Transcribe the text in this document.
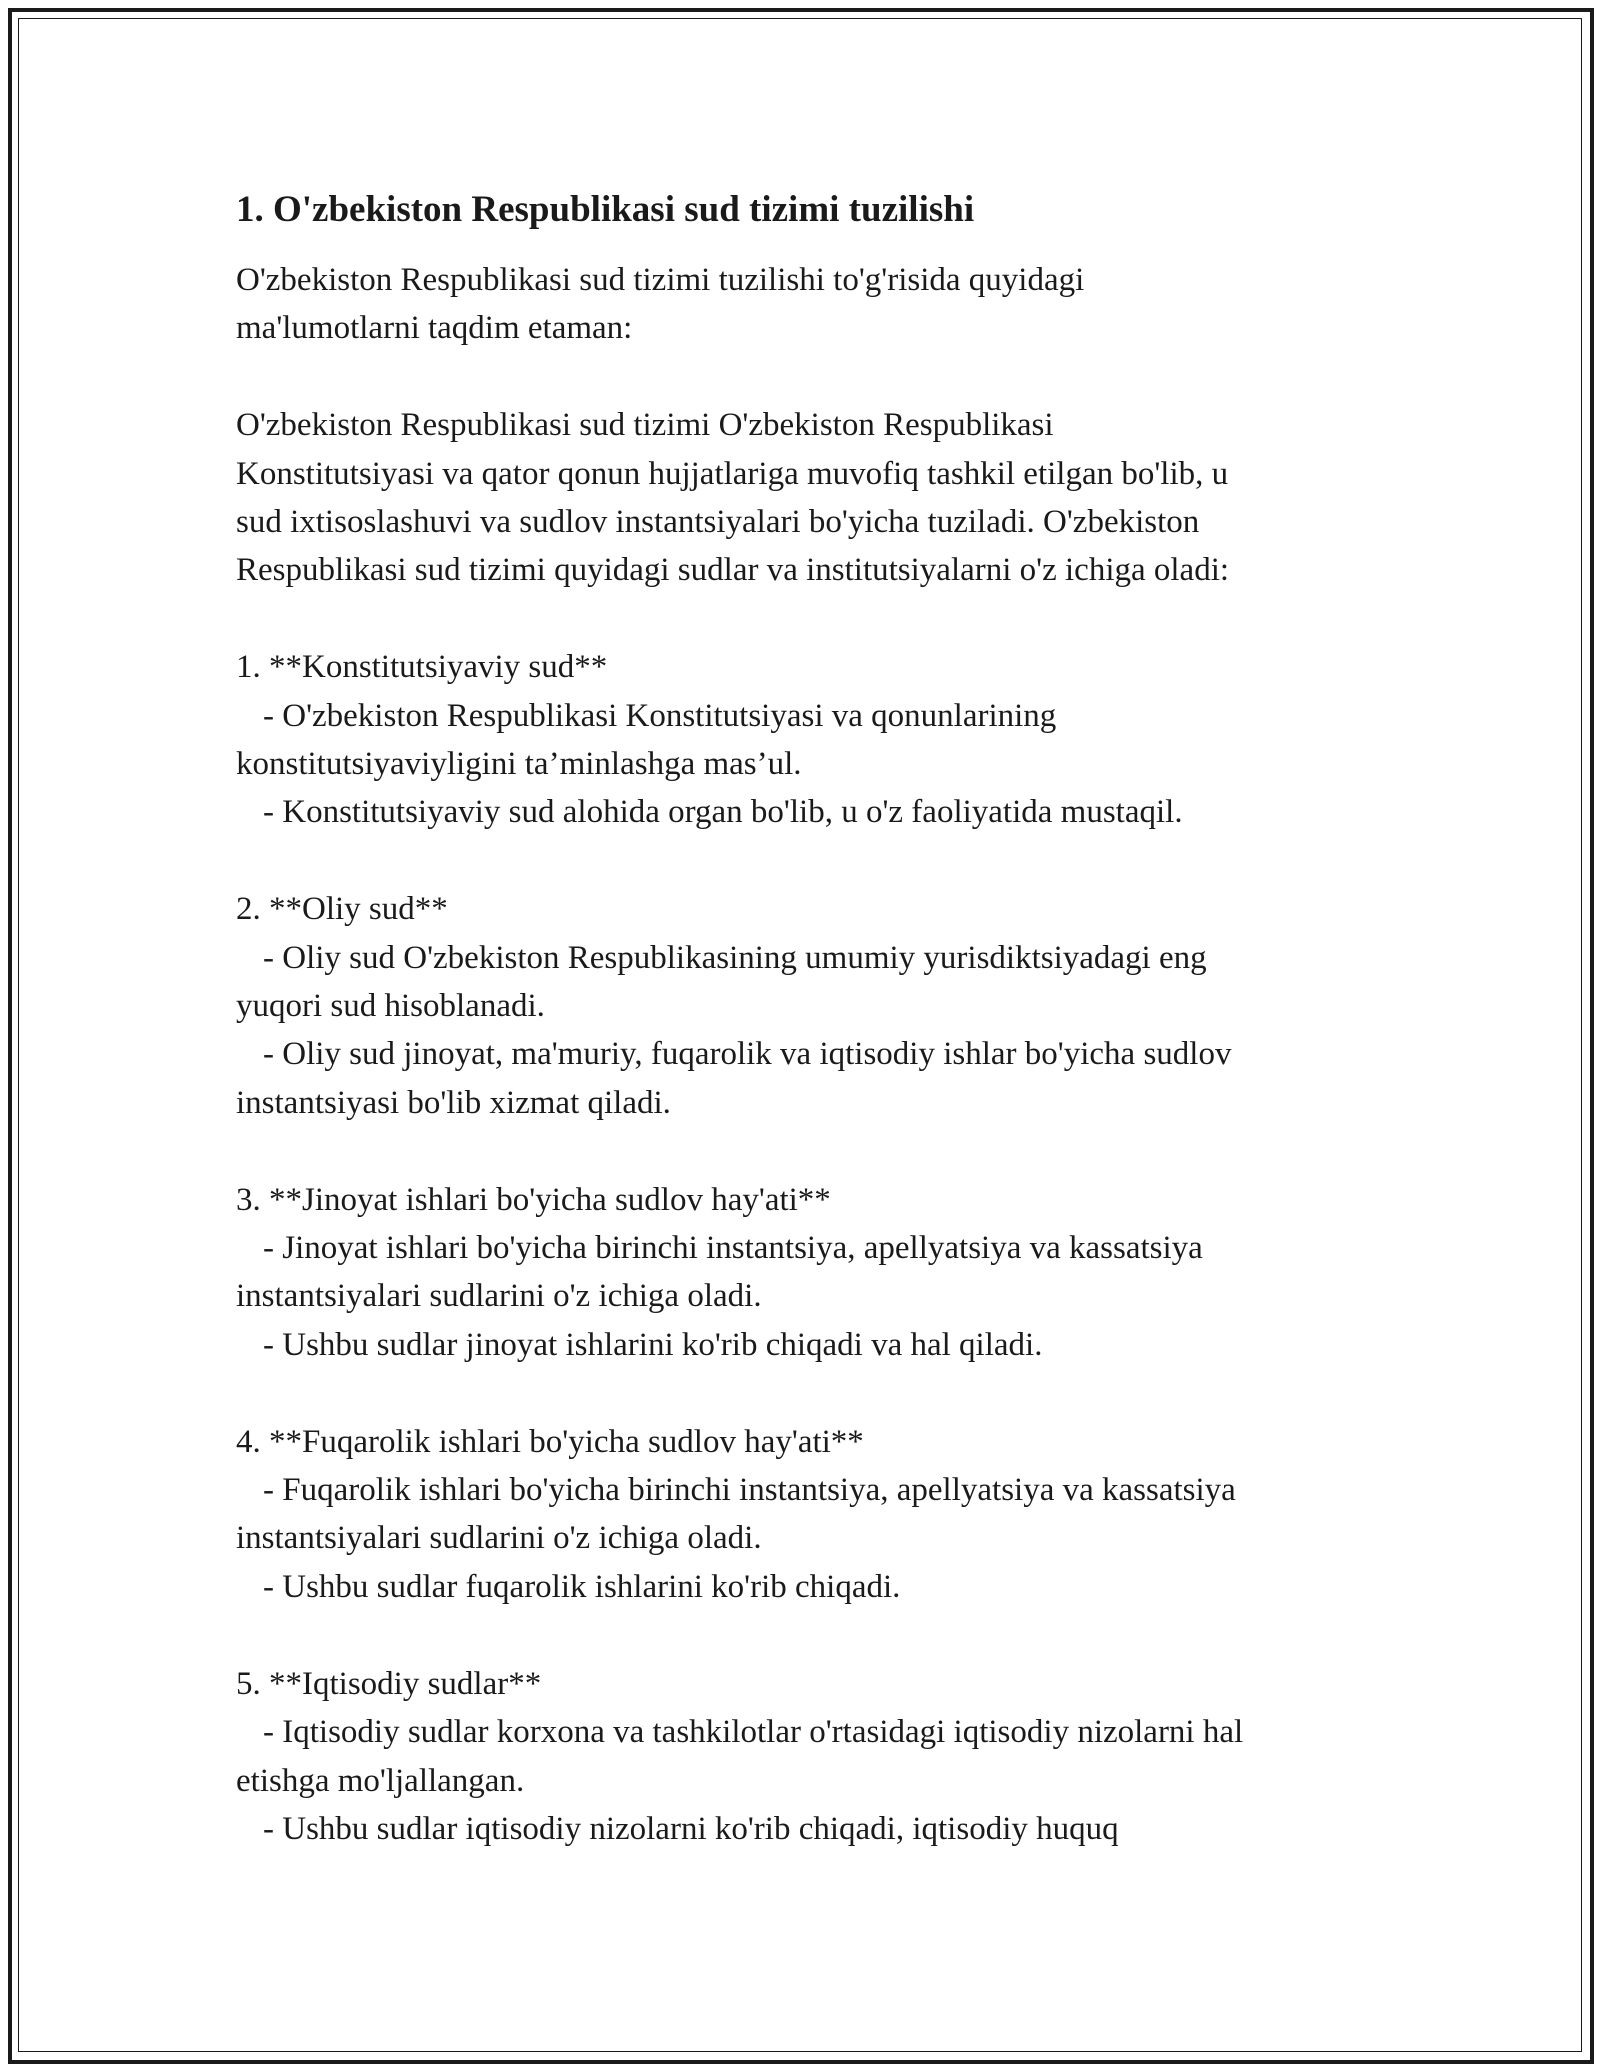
1. O'zbekiston Respublikasi sud tizimi tuzilishi

O'zbekiston Respublikasi sud tizimi tuzilishi to'g'risida quyidagi

ma'lumotlarni taqdim etaman:

O'zbekiston Respublikasi sud tizimi O'zbekiston Respublikasi

Konstitutsiyasi va qator qonun hujjatlariga muvofiq tashkil etilgan bo'lib, u

sud ixtisoslashuvi va sudlov instantsiyalari bo'yicha tuziladi. O'zbekiston

Respublikasi sud tizimi quyidagi sudlar va institutsiyalarni o'z ichiga oladi:

1. **Konstitutsiyaviy sud**

- O'zbekiston Respublikasi Konstitutsiyasi va qonunlarining

konstitutsiyaviyligini ta’minlashga mas’ul.

- Konstitutsiyaviy sud alohida organ bo'lib, u o'z faoliyatida mustaqil.

2. **Oliy sud**

- Oliy sud O'zbekiston Respublikasining umumiy yurisdiktsiyadagi eng

yuqori sud hisoblanadi.

- Oliy sud jinoyat, ma'muriy, fuqarolik va iqtisodiy ishlar bo'yicha sudlov

instantsiyasi bo'lib xizmat qiladi.

3. **Jinoyat ishlari bo'yicha sudlov hay'ati**

- Jinoyat ishlari bo'yicha birinchi instantsiya, apellyatsiya va kassatsiya

instantsiyalari sudlarini o'z ichiga oladi.

- Ushbu sudlar jinoyat ishlarini ko'rib chiqadi va hal qiladi.

4. **Fuqarolik ishlari bo'yicha sudlov hay'ati**

- Fuqarolik ishlari bo'yicha birinchi instantsiya, apellyatsiya va kassatsiya

instantsiyalari sudlarini o'z ichiga oladi.

- Ushbu sudlar fuqarolik ishlarini ko'rib chiqadi.

5. **Iqtisodiy sudlar**

- Iqtisodiy sudlar korxona va tashkilotlar o'rtasidagi iqtisodiy nizolarni hal

etishga mo'ljallangan.

- Ushbu sudlar iqtisodiy nizolarni ko'rib chiqadi, iqtisodiy huquq
